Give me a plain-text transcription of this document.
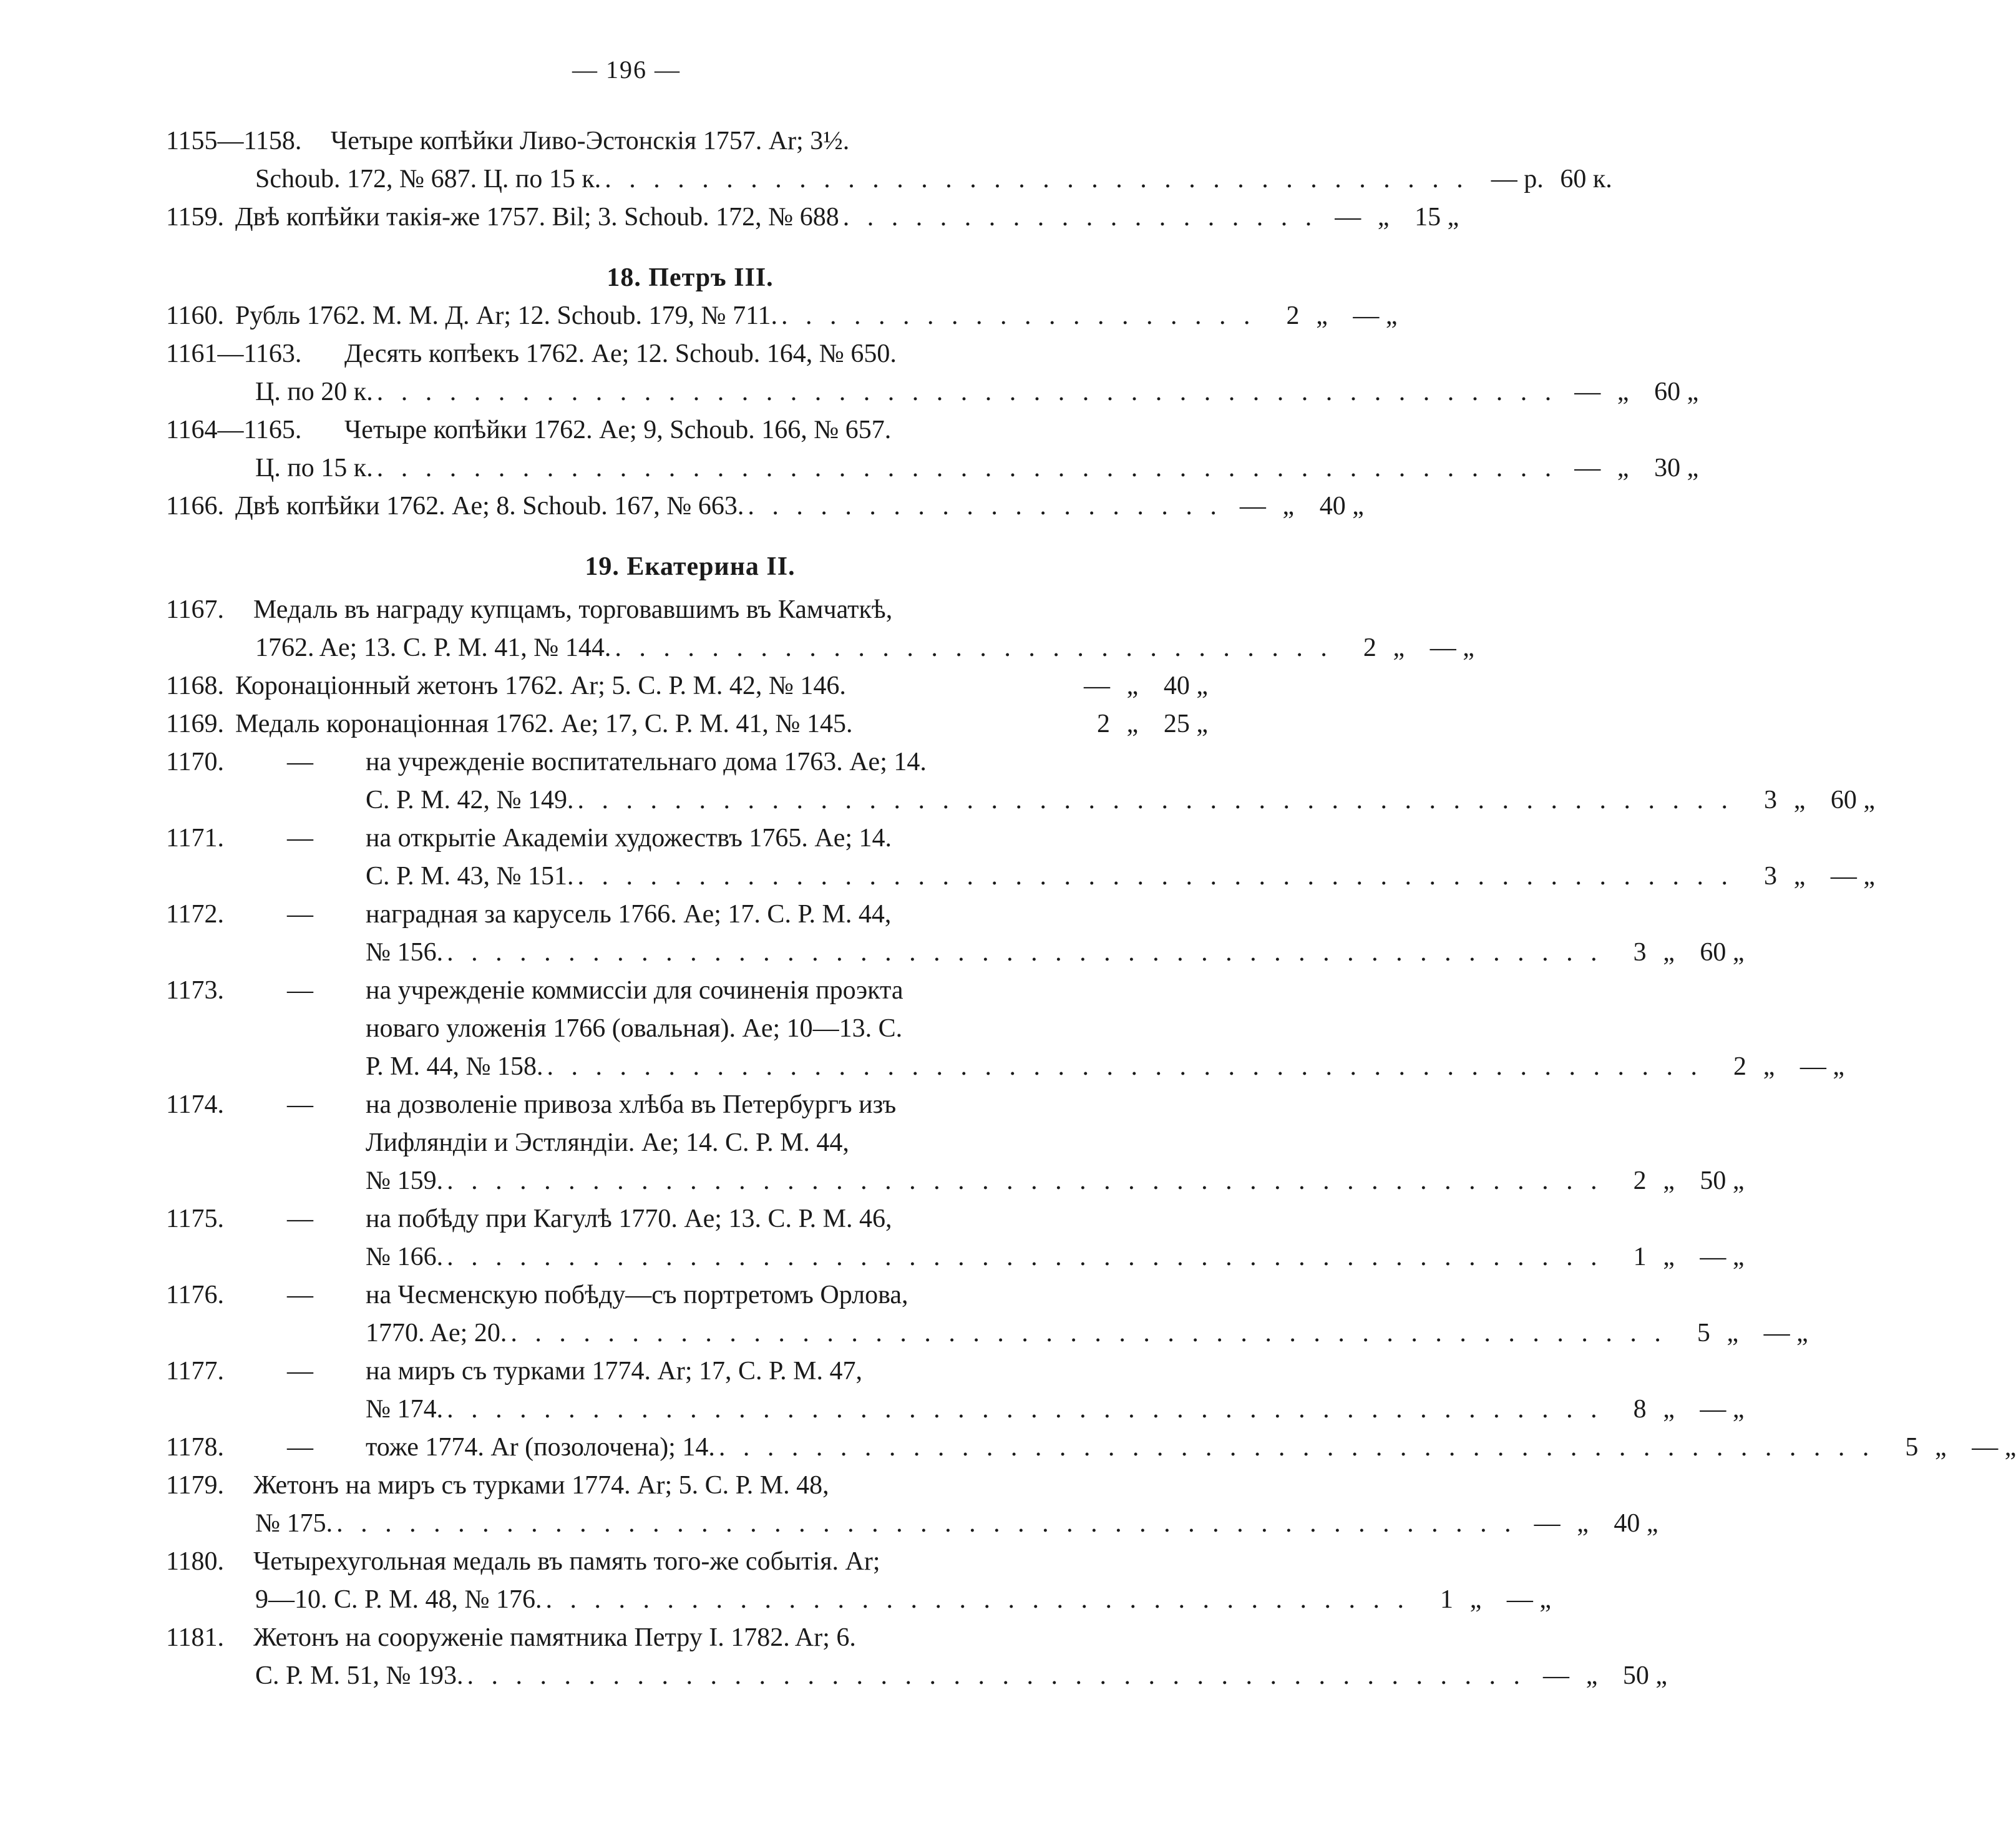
— 196 —
1155—1158. Четыре копѣйки Ливо-Эстонскія 1757. Ar; 3½.
Schoub. 172, № 687. Ц. по 15 к. . . . . . . . . . . . . . . . . . . . . . . . . . . . . . . . . . . . . — р. 60 к.
1159. Двѣ копѣйки такія-же 1757. Bil; 3. Schoub. 172, № 688 . . . . . . . . . . . . . . . . . . . . — „ 15 „
18. Петръ III.
1160. Рубль 1762. М. М. Д. Ar; 12. Schoub. 179, № 711. . . . . . . . . . . . . . . . . . . . .	2 „ — „
1161—1163. Десять копѣекъ 1762. Ae; 12. Schoub. 164, № 650.
Ц. по 20 к. . . . . . . . . . . . . . . . . . . . . . . . . . . . . . . . . . . . . . . . . . . . . . . . . . — „ 60 „
1164—1165. Четыре копѣйки 1762. Ae; 9, Schoub. 166, № 657.
Ц. по 15 к. . . . . . . . . . . . . . . . . . . . . . . . . . . . . . . . . . . . . . . . . . . . . . . . . . — „ 30 „
1166. Двѣ копѣйки 1762. Ae; 8. Schoub. 167, № 663. . . . . . . . . . . . . . . . . . . . . — „ 40 „
19. Екатерина II.
1167. Медаль въ награду купцамъ, торговавшимъ въ Камчаткѣ,
1762. Ae; 13. С. Р. М. 41, № 144. . . . . . . . . . . . . . . . . . . . . . . . . . . . . . .	2 „ — „
1168. Коронаціонный жетонъ 1762. Ar; 5. С. Р. М. 42, № 146.	— „ 40 „
1169. Медаль коронаціонная 1762. Ae; 17, С. Р. М. 41, № 145.	2 „ 25 „
1170. — на учрежденіе воспитательнаго дома 1763. Ae; 14.
С. Р. М. 42, № 149. . . . . . . . . . . . . . . . . . . . . . . . . . . . . . . . . . . . . . . . . . . . . . . . .	3 „ 60 „
1171. — на открытіе Академіи художествъ 1765. Ae; 14.
С. Р. М. 43, № 151. . . . . . . . . . . . . . . . . . . . . . . . . . . . . . . . . . . . . . . . . . . . . . . . .	3 „ — „
1172. — наградная за карусель 1766. Ae; 17. С. Р. М. 44,
№ 156. . . . . . . . . . . . . . . . . . . . . . . . . . . . . . . . . . . . . . . . . . . . . . . . .	3 „ 60 „
1173. — на учрежденіе коммиссіи для сочиненія проэкта
новаго уложенія 1766 (овальная). Ae; 10—13. С.
Р. М. 44, № 158. . . . . . . . . . . . . . . . . . . . . . . . . . . . . . . . . . . . . . . . . . . . . . . . .	2 „ — „
1174. — на дозволеніе привоза хлѣба въ Петербургъ изъ
Лифляндіи и Эстляндіи. Ae; 14. С. Р. М. 44,
№ 159. . . . . . . . . . . . . . . . . . . . . . . . . . . . . . . . . . . . . . . . . . . . . . . . .	2 „ 50 „
1175. — на побѣду при Кагулѣ 1770. Ae; 13. С. Р. М. 46,
№ 166. . . . . . . . . . . . . . . . . . . . . . . . . . . . . . . . . . . . . . . . . . . . . . . . .	1 „ — „
1176. — на Чесменскую побѣду—съ портретомъ Орлова,
1770. Ae; 20. . . . . . . . . . . . . . . . . . . . . . . . . . . . . . . . . . . . . . . . . . . . . . . . .	5 „ — „
1177. — на миръ съ турками 1774. Ar; 17, С. Р. М. 47,
№ 174. . . . . . . . . . . . . . . . . . . . . . . . . . . . . . . . . . . . . . . . . . . . . . . . .	8 „ — „
1178. — тоже 1774. Ar (позолочена); 14. . . . . . . . . . . . . . . . . . . . . . . . . . . . . . . . . . . . . . . . . . . . . . . . .	5 „ — „
1179. Жетонъ на миръ съ турками 1774. Ar; 5. С. Р. М. 48,
№ 175. . . . . . . . . . . . . . . . . . . . . . . . . . . . . . . . . . . . . . . . . . . . . . . . . . — „ 40 „
1180. Четырехугольная медаль въ память того-же событія. Ar;
9—10. С. Р. М. 48, № 176. . . . . . . . . . . . . . . . . . . . . . . . . . . . . . . . . . . . .	1 „ — „
1181. Жетонъ на сооруженіе памятника Петру I. 1782. Ar; 6.
С. Р. М. 51, № 193. . . . . . . . . . . . . . . . . . . . . . . . . . . . . . . . . . . . . . . . . . . . . — „ 50 „
